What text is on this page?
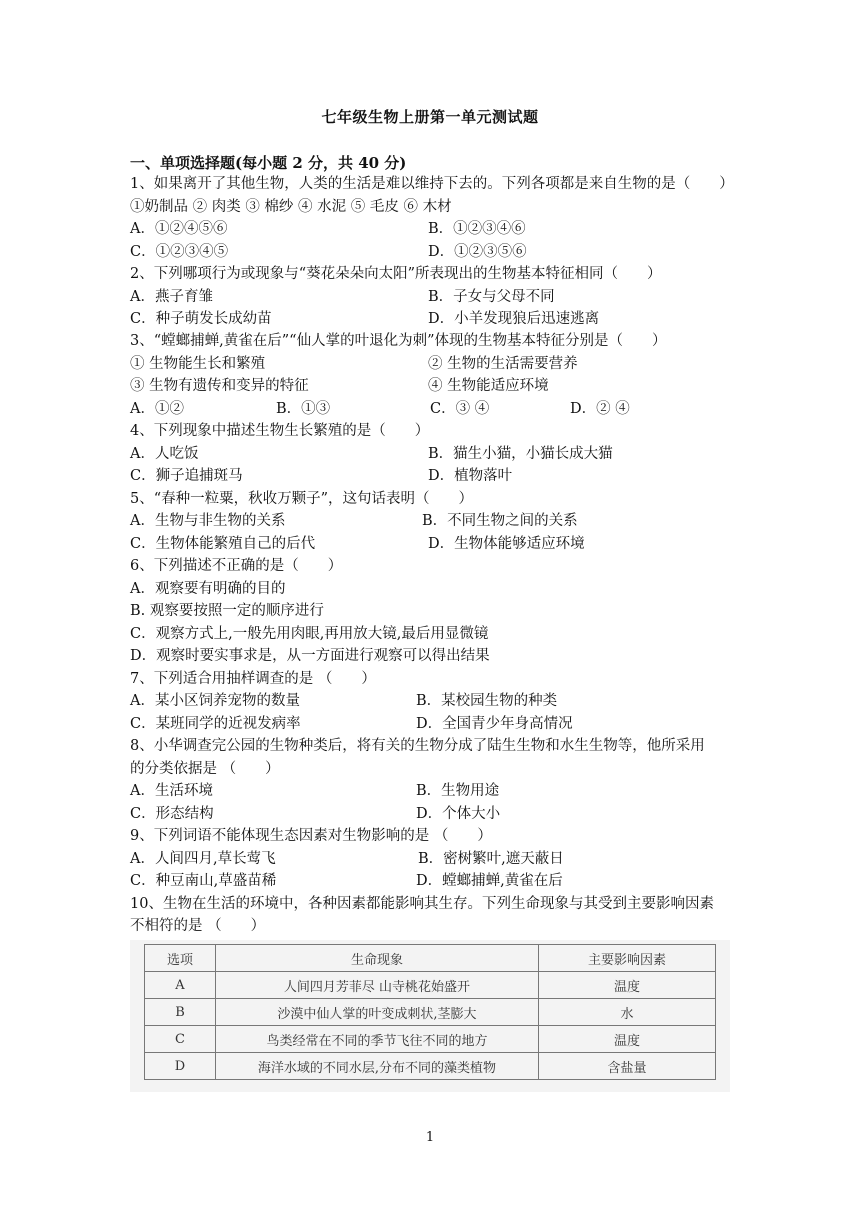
七年级生物上册第一单元测试题
一、单项选择题(每小题 2 分，共 40 分)
1、如果离开了其他生物，人类的生活是难以维持下去的。下列各项都是来自生物的是（　　）
①奶制品 ② 肉类 ③ 棉纱 ④ 水泥 ⑤ 毛皮 ⑥ 木材
A．①②④⑤⑥	B．①②③④⑥
C．①②③④⑤	D．①②③⑤⑥
2、下列哪项行为或现象与“葵花朵朵向太阳”所表现出的生物基本特征相同（　　）
A．燕子育雏	B．子女与父母不同
C．种子萌发长成幼苗	D．小羊发现狼后迅速逃离
3、“螳螂捕蝉,黄雀在后”“仙人掌的叶退化为刺”体现的生物基本特征分别是（　　）
① 生物能生长和繁殖	② 生物的生活需要营养
③ 生物有遗传和变异的特征	④ 生物能适应环境
A．①②	B．①③	C．③ ④	D．② ④
4、下列现象中描述生物生长繁殖的是（　　）
A．人吃饭	B．猫生小猫，小猫长成大猫
C．狮子追捕斑马	D．植物落叶
5、“春种一粒粟，秋收万颗子”，这句话表明（　　）
A．生物与非生物的关系	B．不同生物之间的关系
C．生物体能繁殖自己的后代	D．生物体能够适应环境
6、下列描述不正确的是（　　）
A．观察要有明确的目的
B. 观察要按照一定的顺序进行
C．观察方式上,一般先用肉眼,再用放大镜,最后用显微镜
D．观察时要实事求是，从一方面进行观察可以得出结果
7、下列适合用抽样调查的是 （　　）
A．某小区饲养宠物的数量	B．某校园生物的种类
C．某班同学的近视发病率	D．全国青少年身高情况
8、小华调查完公园的生物种类后，将有关的生物分成了陆生生物和水生生物等，他所采用
的分类依据是 （　　）
A．生活环境	B．生物用途
C．形态结构	D．个体大小
9、下列词语不能体现生态因素对生物影响的是 （　　）
A．人间四月,草长莺飞	B．密树繁叶,遮天蔽日
C．种豆南山,草盛苗稀	D．螳螂捕蝉,黄雀在后
10、生物在生活的环境中，各种因素都能影响其生存。下列生命现象与其受到主要影响因素
不相符的是 （　　）
选项	生命现象	主要影响因素
A	人间四月芳菲尽 山寺桃花始盛开	温度
B	沙漠中仙人掌的叶变成刺状,茎膨大	水
C	鸟类经常在不同的季节飞往不同的地方	温度
D	海洋水域的不同水层,分布不同的藻类植物	含盐量
1
